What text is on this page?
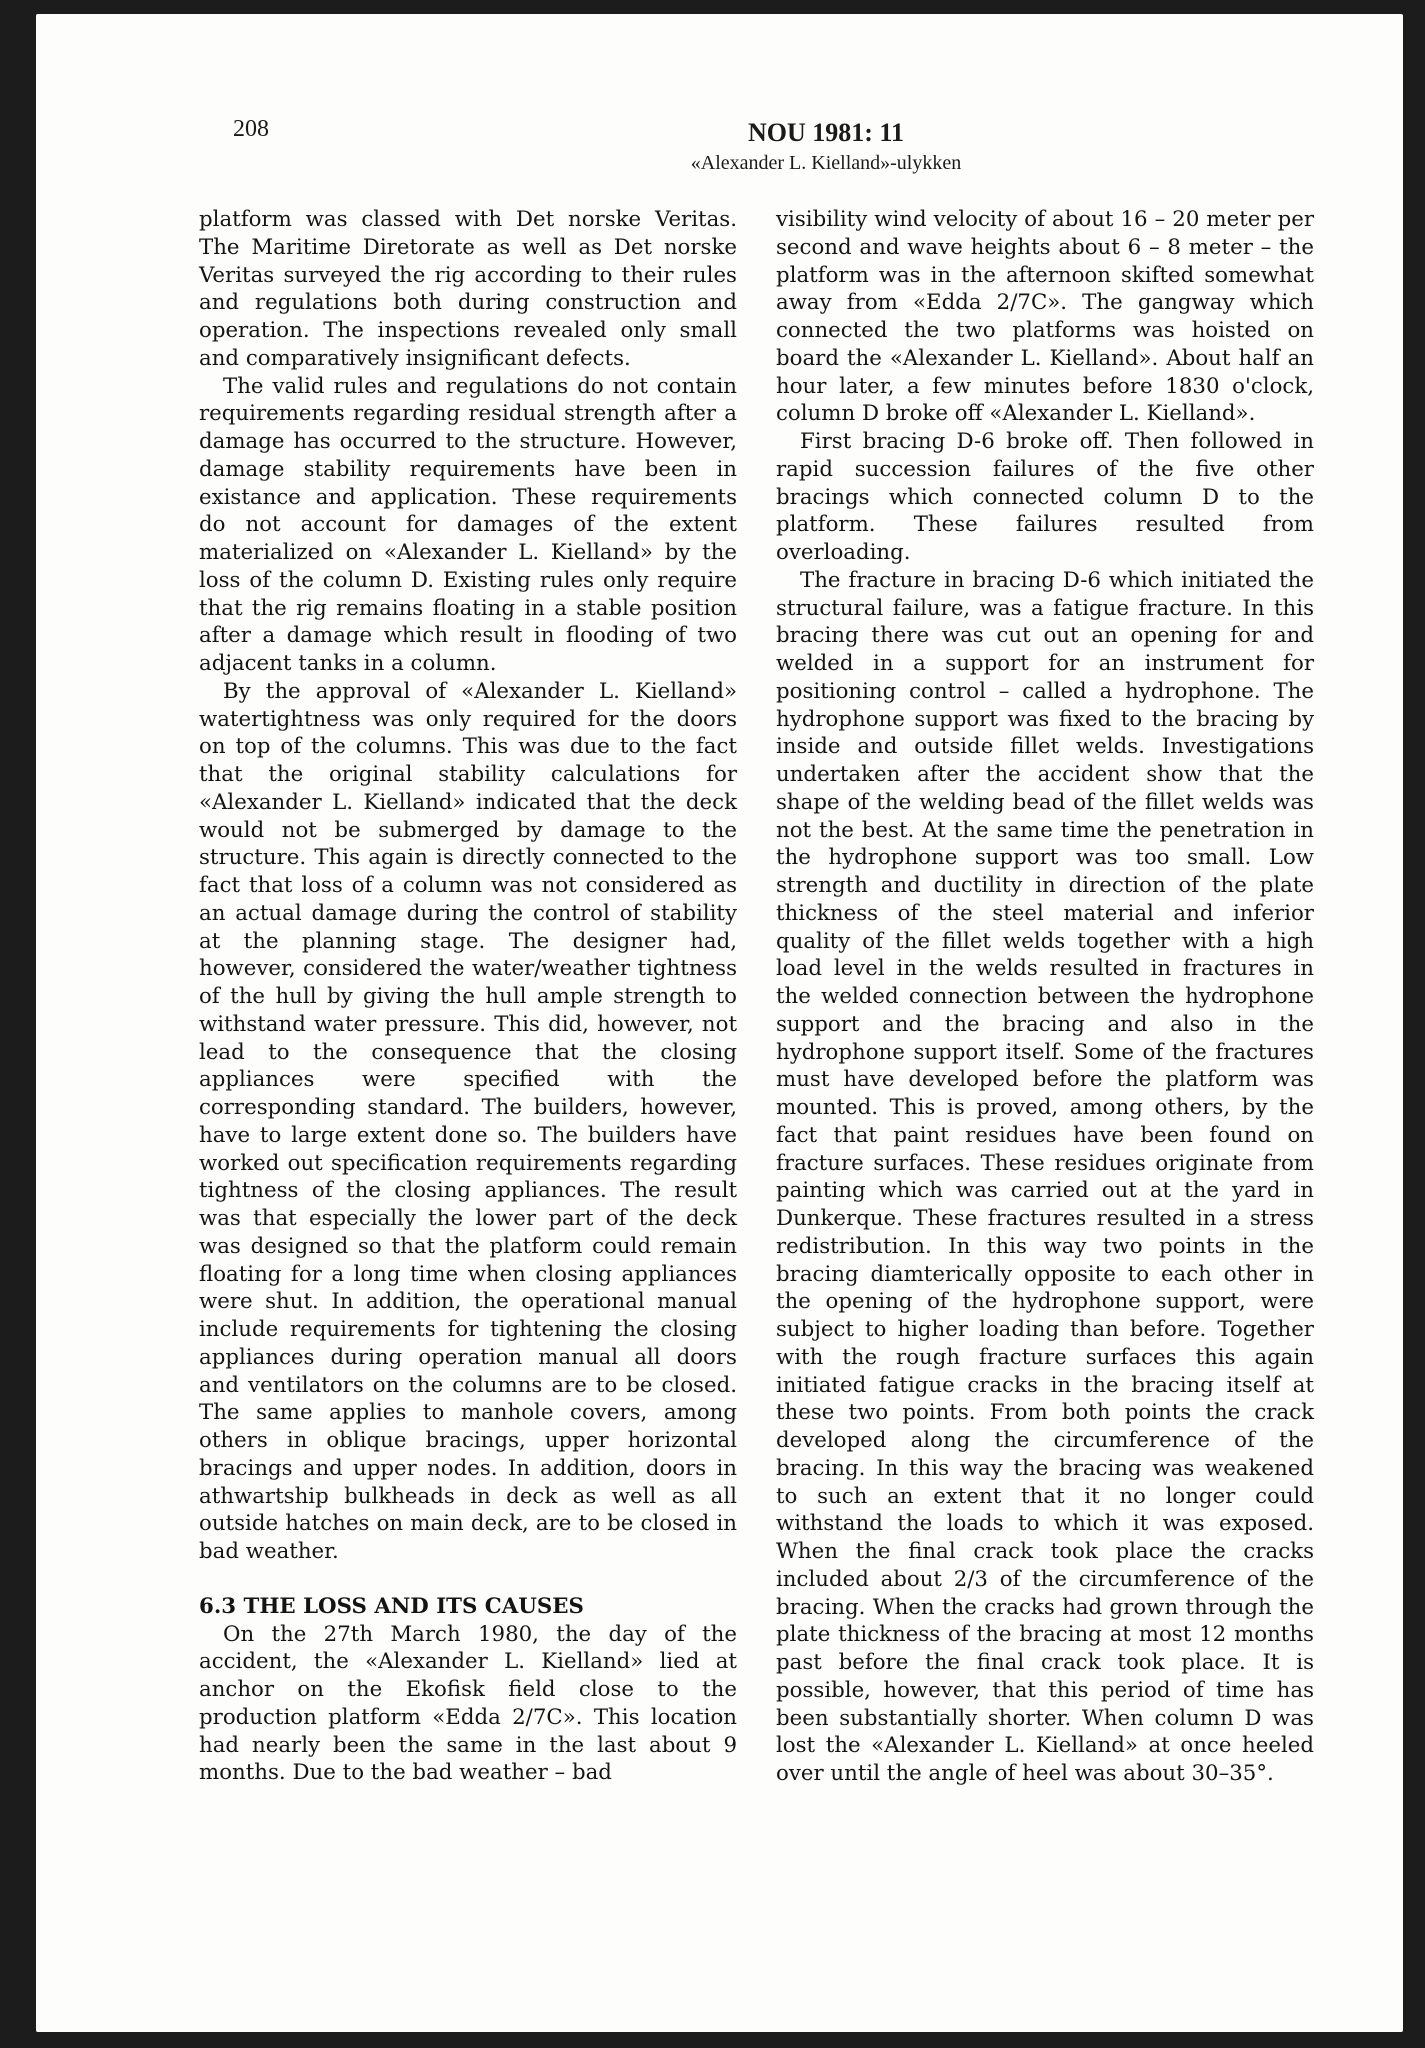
208	NOU 1981: 11
«Alexander L. Kielland»-ulykken

platform was classed with Det norske Veritas. The Maritime Diretorate as well as Det norske Veritas surveyed the rig according to their rules and regulations both during construction and operation. The inspections revealed only small and comparatively insignificant defects.

The valid rules and regulations do not contain requirements regarding residual strength after a damage has occurred to the structure. However, damage stability requirements have been in existance and application. These requirements do not account for damages of the extent materialized on «Alexander L. Kielland» by the loss of the column D. Existing rules only require that the rig remains floating in a stable position after a damage which result in flooding of two adjacent tanks in a column.

By the approval of «Alexander L. Kielland» watertightness was only required for the doors on top of the columns. This was due to the fact that the original stability calculations for «Alexander L. Kielland» indicated that the deck would not be submerged by damage to the structure. This again is directly connected to the fact that loss of a column was not considered as an actual damage during the control of stability at the planning stage. The designer had, however, considered the water/weather tightness of the hull by giving the hull ample strength to withstand water pressure. This did, however, not lead to the consequence that the closing appliances were specified with the corresponding standard. The builders, however, have to large extent done so. The builders have worked out specification requirements regarding tightness of the closing appliances. The result was that especially the lower part of the deck was designed so that the platform could remain floating for a long time when closing appliances were shut. In addition, the operational manual include requirements for tightening the closing appliances during operation manual all doors and ventilators on the columns are to be closed. The same applies to manhole covers, among others in oblique bracings, upper horizontal bracings and upper nodes. In addition, doors in athwartship bulkheads in deck as well as all outside hatches on main deck, are to be closed in bad weather.

6.3 THE LOSS AND ITS CAUSES

On the 27th March 1980, the day of the accident, the «Alexander L. Kielland» lied at anchor on the Ekofisk field close to the production platform «Edda 2/7C». This location had nearly been the same in the last about 9 months. Due to the bad weather – bad

visibility wind velocity of about 16 – 20 meter per second and wave heights about 6 – 8 meter – the platform was in the afternoon skifted somewhat away from «Edda 2/7C». The gangway which connected the two platforms was hoisted on board the «Alexander L. Kielland». About half an hour later, a few minutes before 1830 o'clock, column D broke off «Alexander L. Kielland».

First bracing D-6 broke off. Then followed in rapid succession failures of the five other bracings which connected column D to the platform. These failures resulted from overloading.

The fracture in bracing D-6 which initiated the structural failure, was a fatigue fracture. In this bracing there was cut out an opening for and welded in a support for an instrument for positioning control – called a hydrophone. The hydrophone support was fixed to the bracing by inside and outside fillet welds. Investigations undertaken after the accident show that the shape of the welding bead of the fillet welds was not the best. At the same time the penetration in the hydrophone support was too small. Low strength and ductility in direction of the plate thickness of the steel material and inferior quality of the fillet welds together with a high load level in the welds resulted in fractures in the welded connection between the hydrophone support and the bracing and also in the hydrophone support itself. Some of the fractures must have developed before the platform was mounted. This is proved, among others, by the fact that paint residues have been found on fracture surfaces. These residues originate from painting which was carried out at the yard in Dunkerque. These fractures resulted in a stress redistribution. In this way two points in the bracing diamterically opposite to each other in the opening of the hydrophone support, were subject to higher loading than before. Together with the rough fracture surfaces this again initiated fatigue cracks in the bracing itself at these two points. From both points the crack developed along the circumference of the bracing. In this way the bracing was weakened to such an extent that it no longer could withstand the loads to which it was exposed. When the final crack took place the cracks included about 2/3 of the circumference of the bracing. When the cracks had grown through the plate thickness of the bracing at most 12 months past before the final crack took place. It is possible, however, that this period of time has been substantially shorter. When column D was lost the «Alexander L. Kielland» at once heeled over until the angle of heel was about 30–35°.
